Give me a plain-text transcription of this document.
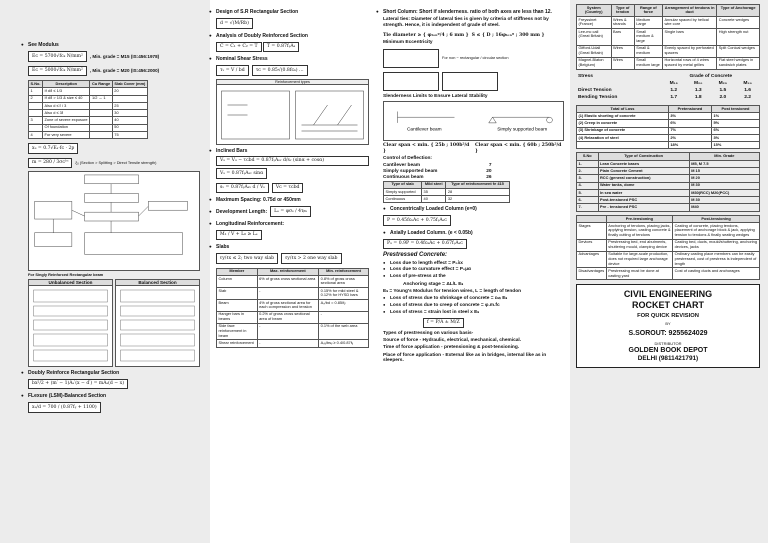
● See Modulus
Eᴄ = 5700√fᴄₖ N/mm²	, Min. grade = M15 (IS:456:1978)
Eᴄ = 5000√fᴄₖ N/mm²	, Min. grade = M20 (IS:456:2000)
S.No.	Description	Cu Range	Slab Cover (mm)
1	If d/ℓ ≤ 1/3		20
2	If d/ℓ > 1/3 & size ≤ 40	1/2 → 1	
	Also d ≤ ℓ / 3		25
	Also d ≤ 3ℓ		30
3	Zone of severe exposure		40
	Of foundation		50
4	For very severe		75
xᵤ = 0.7√Eₛ·fᴄ · 2p
m = 280 / 3σᴄᵇᶜ	ξᵤ (Section > Splitting > Direct Tensile strength)
For Singly Reinforced Rectangular beam
Unbalanced Section	Balanced Section
● Doubly Reinforce Rectangular Section
bx²/2 + (m′ − 1)Aₛ′(x − d′) = mAₛ(d − x)
● FLexure (LSM)-Balanced Section
xᵤ/d = 700 / (0.87fᵧ + 1100)
● Design of S.R Rectangular Section
d = √(M/Rb)
● Analysis of Doubly Reinforced Section
C = C₁ + C₂ = T T = 0.87fᵧAₛ
● Nominal Shear Stress
τᵥ = V / bd	τᴄ = 0.85√(0.8fᴄₖ) …
Reinforcement types
● Inclined Bars
Vₛ = Vᵤ − τᴄbd = 0.87fᵧAₛᵥ d/sᵥ (sinα + cosα)
Vₛ = 0.87fᵧAₛᵥ sinα
sᵥ = 0.87fᵧAₛᵥ d / Vₛ	Vᴄ = τᴄbd
● Maximum Spacing: 0.75d or 450mm
● Development Length:	Lₑ = φσₛ / 4τᵦₖ
● Longitudinal Reinforcement:
M₁ / V + L₀ ≥ Lₑ
● Slabs
ℓy/ℓx ≤ 2; two way slab	ℓy/ℓx > 2 one way slab
Member	Max. reinforcement	Min. reinforcement
Column	6% of gross cross sectional area	0.8% of gross cross sectional area
Slab	-	0.15% for mild steel & 0.12% for HYSD bars
Beam	4% of gross sectional area for each compression and tension	Aₛ/bd = 0.85/fᵧ
Hanger bars in beams	0.2% of gross cross sectional area of beam	-
Side face reinforcement in beam	-	0.1% of the web area
Shear reinforcement	-	Aₛᵥ/bsᵥ ≥ 0.4/0.87fᵧ
● Short Column: Short if slenderness. ratio of both axes are less than 12.
Lateral ties: Diameter of lateral ties is given by criteria of stiffness not by strength. Hence, it is independent of grade of steel.
Tie diameter ≥ { φₗₒₙᵍ/4 ; 6 mm } S ≤ { D ; 16φₗₒₙᵍ ; 300 mm }
Minimum Eccentricity
For non − rectangular / circular section
Slenderness Limits to Ensure Lateral Stability
Cantilever beam	Simply supported beam
Clear span < min. { 25b ; 100b²/d }
Clear span < min. { 60b ; 250b²/d }
Control of Deflection:
Cantilever beam	7
Simply supported beam	20
Continuous beam	26
Type of slab	Mild steel	Type of reinforcement fe 415
Simply supported	35	28
Continuous	40	32
● Concentrically Loaded Column (e=0)
P = 0.45fᴄₖAᴄ + 0.75fᵧAₛᴄ
● Axially Loaded Column. (e < 0.05b)
Pᵤ = 0.9P = 0.4fᴄₖAᴄ + 0.67fᵧAₛᴄ
Prestressed Concrete:
● Loss due to length effect = P₀λx
● Loss due to curvature effect = P₀μα
● Loss of pre-stress at the
Anchoring stage = ΔL/L Eₛ
Eₛ = Young's Modulus for tension wires, L = length of tendon
● Loss of stress due to shrinkage of concrete = εₛₕ Eₛ
● Loss of stress due to creep of concrete = φ.m.fᴄ
● Loss of stress = strain lost in steel x Eₛ
f = P/A ± M/Z
Types of prestressing on various basis-
Source of force - Hydraulic, electrical, mechanical, chemical.
Time of force application - pretensioning & post-tensioning.
Place of force application - External like as in bridges, internal like as in sleepers.
System (Country)	Type of tendon	Range of force	Arrangement of tendons in duct	Type of Anchorage
Freyssinet (France)	Wires & strands	Medium Large	Annular spaced by helical wire core	Concrete wedges
Lee-mc call (Great Britain)	Bars	Small medium & large	Single bars	High strength nut
Gifford-Udall (Great Britain)	Wires	Small & medium	Evenly spaced by perforated spacers	Split Conical wedges
Magnel-Blaton (Belgium)	Wires	Small medium large	Horizontal rows of 4 wires spaced by metal grilles	Flat steel wedges in sandwich plates
Stress	Grade of Concrete			
	M₁₅	M₂₀	M₂₅	M₃₀
Direct Tension	1.2	1.3	1.5	1.6
Bending Tension	1.7	1.8	2.0	2.2
Total of Loss	Pretensioned	Post tensioned
(1) Elastic shorting of concrete	3%	1%
(2) Creep in concrete	6%	5%
(3) Shrinkage of concrete	7%	6%
(4) Relaxation of steel	2%	3%
	18%	15%
S.No	Type of Construction	Min. Grade
1.	Lean Concrete bases	M5, M 7.5
2.	Plain Concrete Cement	M 15
3.	RCC (general construction)	M 20
4.	Water tanks, dome	M 30
5.	In sea water	M30(RCC) M20(PCC)
6.	Post-tensioned PSC	M 30
7.	Pre - tensioned PSC	M40
	Pre-tensioning	Post-tensioning
Stages	Anchoring of tendons, placing jacks, applying tension, casting concrete & finally cutting of tendons	Casting of concrete, placing tendons, placement of anchorage block & jack, applying tension to tendons & finally seating wedges
Devices	Prestressing bed, end abutments, shuttering mould, clamping device	Casting bed, ducts, mould/shuttering, anchoring devices, jacks
Advantages	Suitable for large-scale production, does not required large anchorage device	Ordinary casting place members can be easily prestressed, cost of prestress is independent of length
Disadvantages	Prestressing must be done at casting yard	Cost of casting ducts and anchorages
CIVIL ENGINEERING
ROCKET CHART
FOR QUICK REVISION
BY
S.SOROUT: 9255624029
DISTRIBUTOR
GOLDEN BOOK DEPOT
DELHI (9811421791)
